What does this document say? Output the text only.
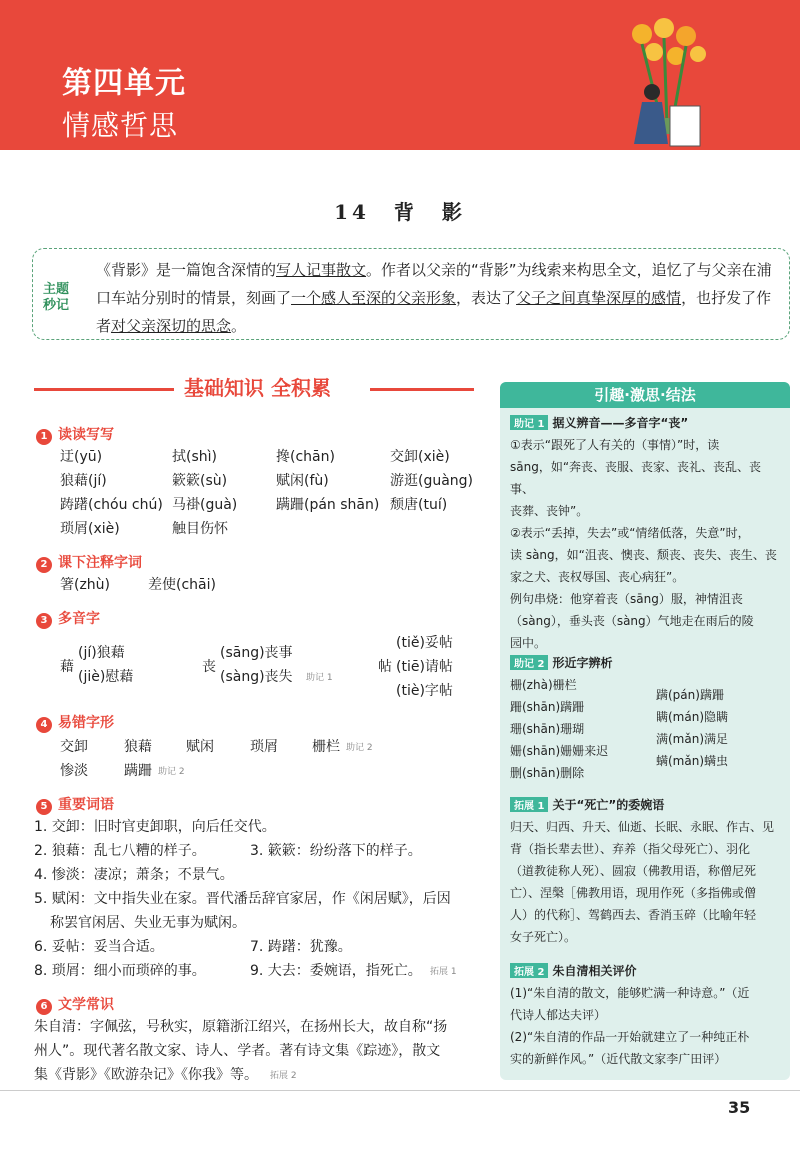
第四单元
情感哲思
14　背　影
主题秒记
《背影》是一篇饱含深情的写人记事散文。作者以父亲的“背影”为线索来构思全文，追忆了与父亲在浦口车站分别时的情景，刻画了一个感人至深的父亲形象，表达了父子之间真挚深厚的感情，也抒发了作者对父亲深切的思念。
基础知识 全积累
1 读读写写
迂(yū)	拭(shì)	搀(chān)	交卸(xiè)
狼藉(jí)	簌簌(sù)	赋闲(fù)	游逛(guàng)
踌躇(chóu chú) 马褂(guà)	蹒跚(pán shān) 颓唐(tuí)
琐屑(xiè)	触目伤怀
2 课下注释字词
箸(zhù)	差使(chāi)
3 多音字
藉
(jí)狼藉
(jiè)慰藉
丧
(sāng)丧事
(sàng)丧失 助记 1
帖
(tiě)妥帖
(tiē)请帖
(tiè)字帖
4 易错字形
交卸	狼藉 赋闲	琐屑 栅栏 助记 2
惨淡	蹒跚 助记 2
5 重要词语
1. 交卸：旧时官吏卸职，向后任交代。
2. 狼藉：乱七八糟的样子。	3. 簌簌：纷纷落下的样子。
4. 惨淡：凄凉；萧条；不景气。
5. 赋闲：文中指失业在家。晋代潘岳辞官家居，作《闲居赋》，后因
称罢官闲居、失业无事为赋闲。
6. 妥帖：妥当合适。	7. 踌躇：犹豫。
8. 琐屑：细小而琐碎的事。	9. 大去：委婉语，指死亡。 拓展 1
6 文学常识
朱自清：字佩弦，号秋实，原籍浙江绍兴，在扬州长大，故自称“扬
州人”。现代著名散文家、诗人、学者。著有诗文集《踪迹》，散文
集《背影》《欧游杂记》《你我》等。 拓展 2
引趣·激思·结法
助记 1 据义辨音——多音字“丧”
①表示“跟死了人有关的（事情）”时，读
sāng，如“奔丧、丧服、丧家、丧礼、丧乱、丧事、
丧葬、丧钟”。
②表示“丢掉，失去”或“情绪低落，失意”时，
读 sàng，如“沮丧、懊丧、颓丧、丧失、丧生、丧
家之犬、丧权辱国、丧心病狂”。
例句串烧：他穿着丧（sāng）服，神情沮丧
（sàng），垂头丧（sàng）气地走在雨后的陵
园中。
助记 2 形近字辨析
栅(zhà)栅栏
跚(shān)蹒跚
珊(shān)珊瑚
姗(shān)姗姗来迟
删(shān)删除
蹒(pán)蹒跚
瞒(mán)隐瞒
满(mǎn)满足
螨(mǎn)螨虫
拓展 1 关于“死亡”的委婉语
归天、归西、升天、仙逝、长眠、永眠、作古、见
背（指长辈去世）、弃养（指父母死亡）、羽化
（道教徒称人死）、圆寂（佛教用语，称僧尼死
亡）、涅槃［佛教用语，现用作死（多指佛或僧
人）的代称］、驾鹤西去、香消玉碎（比喻年轻
女子死亡）。
拓展 2 朱自清相关评价
(1)“朱自清的散文，能够贮满一种诗意。”（近
代诗人郁达夫评）
(2)“朱自清的作品一开始就建立了一种纯正朴
实的新鲜作风。”（近代散文家李广田评）
35
